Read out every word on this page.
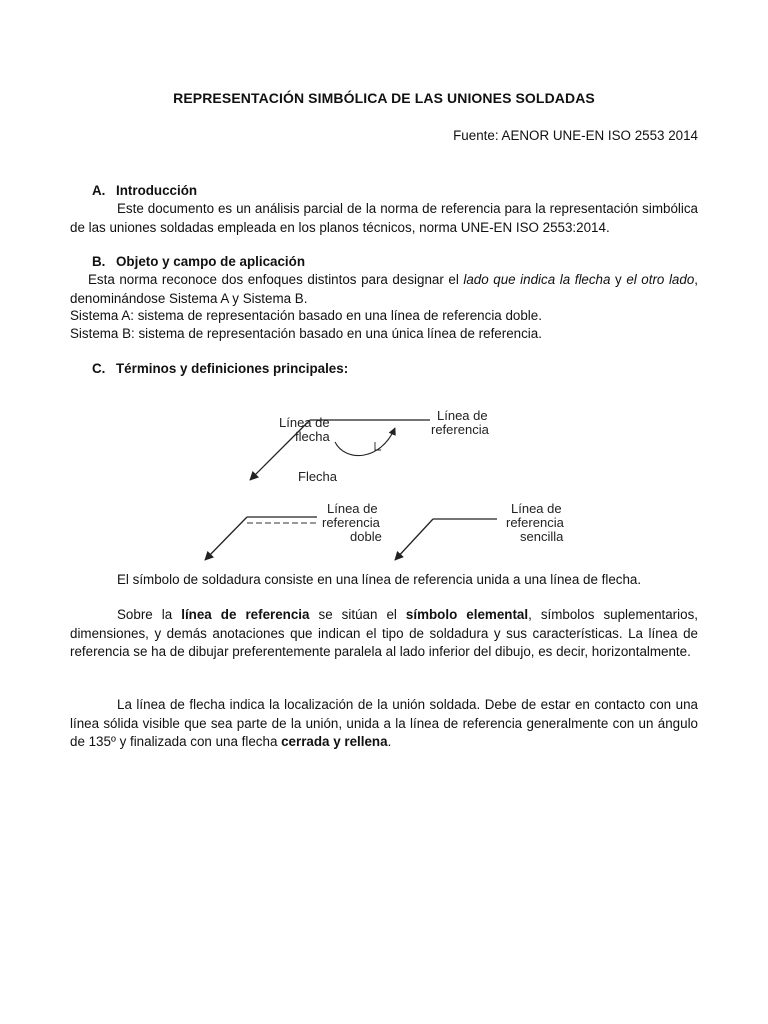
REPRESENTACIÓN SIMBÓLICA DE LAS UNIONES SOLDADAS
Fuente: AENOR UNE-EN ISO 2553 2014
A. Introducción
Este documento es un análisis parcial de la norma de referencia para la representación simbólica de las uniones soldadas empleada en los planos técnicos, norma UNE-EN ISO 2553:2014.
B. Objeto y campo de aplicación
Esta norma reconoce dos enfoques distintos para designar el lado que indica la flecha y el otro lado, denominándose Sistema A y Sistema B.
Sistema A: sistema de representación basado en una línea de referencia doble.
Sistema B: sistema de representación basado en una única línea de referencia.
C. Términos y definiciones principales:
Línea de
flecha
Línea de
referencia
Flecha
Línea de
referencia
doble
Línea de
referencia
sencilla
El símbolo de soldadura consiste en una línea de referencia unida a una línea de flecha.
Sobre la línea de referencia se sitúan el símbolo elemental, símbolos suplementarios, dimensiones, y demás anotaciones que indican el tipo de soldadura y sus características. La línea de referencia se ha de dibujar preferentemente paralela al lado inferior del dibujo, es decir, horizontalmente.
La línea de flecha indica la localización de la unión soldada. Debe de estar en contacto con una línea sólida visible que sea parte de la unión, unida a la línea de referencia generalmente con un ángulo de 135º y finalizada con una flecha cerrada y rellena.
